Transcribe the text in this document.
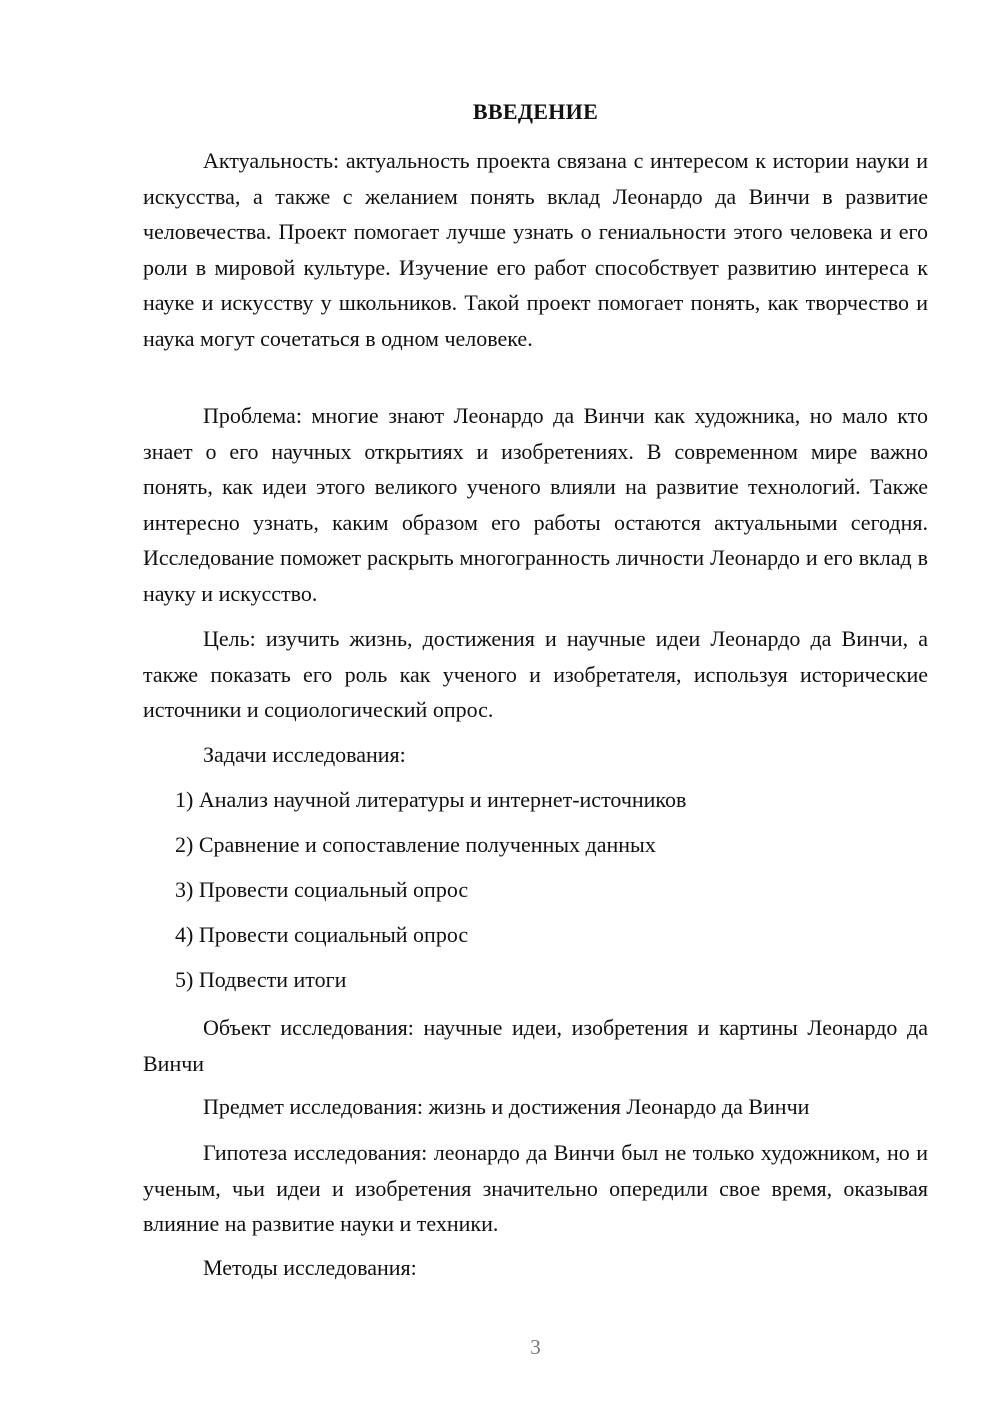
ВВЕДЕНИЕ

Актуальность: актуальность проекта связана с интересом к истории науки и искусства, а также с желанием понять вклад Леонардо да Винчи в развитие человечества. Проект помогает лучше узнать о гениальности этого человека и его роли в мировой культуре. Изучение его работ способствует развитию интереса к науке и искусству у школьников. Такой проект помогает понять, как творчество и наука могут сочетаться в одном человеке.

Проблема: многие знают Леонардо да Винчи как художника, но мало кто знает о его научных открытиях и изобретениях. В современном мире важно понять, как идеи этого великого ученого влияли на развитие технологий. Также интересно узнать, каким образом его работы остаются актуальными сегодня. Исследование поможет раскрыть многогранность личности Леонардо и его вклад в науку и искусство.

Цель: изучить жизнь, достижения и научные идеи Леонардо да Винчи, а также показать его роль как ученого и изобретателя, используя исторические источники и социологический опрос.

Задачи исследования:

1) Анализ научной литературы и интернет-источников

2) Сравнение и сопоставление полученных данных

3) Провести социальный опрос

4) Провести социальный опрос

5) Подвести итоги

Объект исследования: научные идеи, изобретения и картины Леонардо да Винчи

Предмет исследования: жизнь и достижения Леонардо да Винчи

Гипотеза исследования: леонардо да Винчи был не только художником, но и ученым, чьи идеи и изобретения значительно опередили свое время, оказывая влияние на развитие науки и техники.

Методы исследования:

3
